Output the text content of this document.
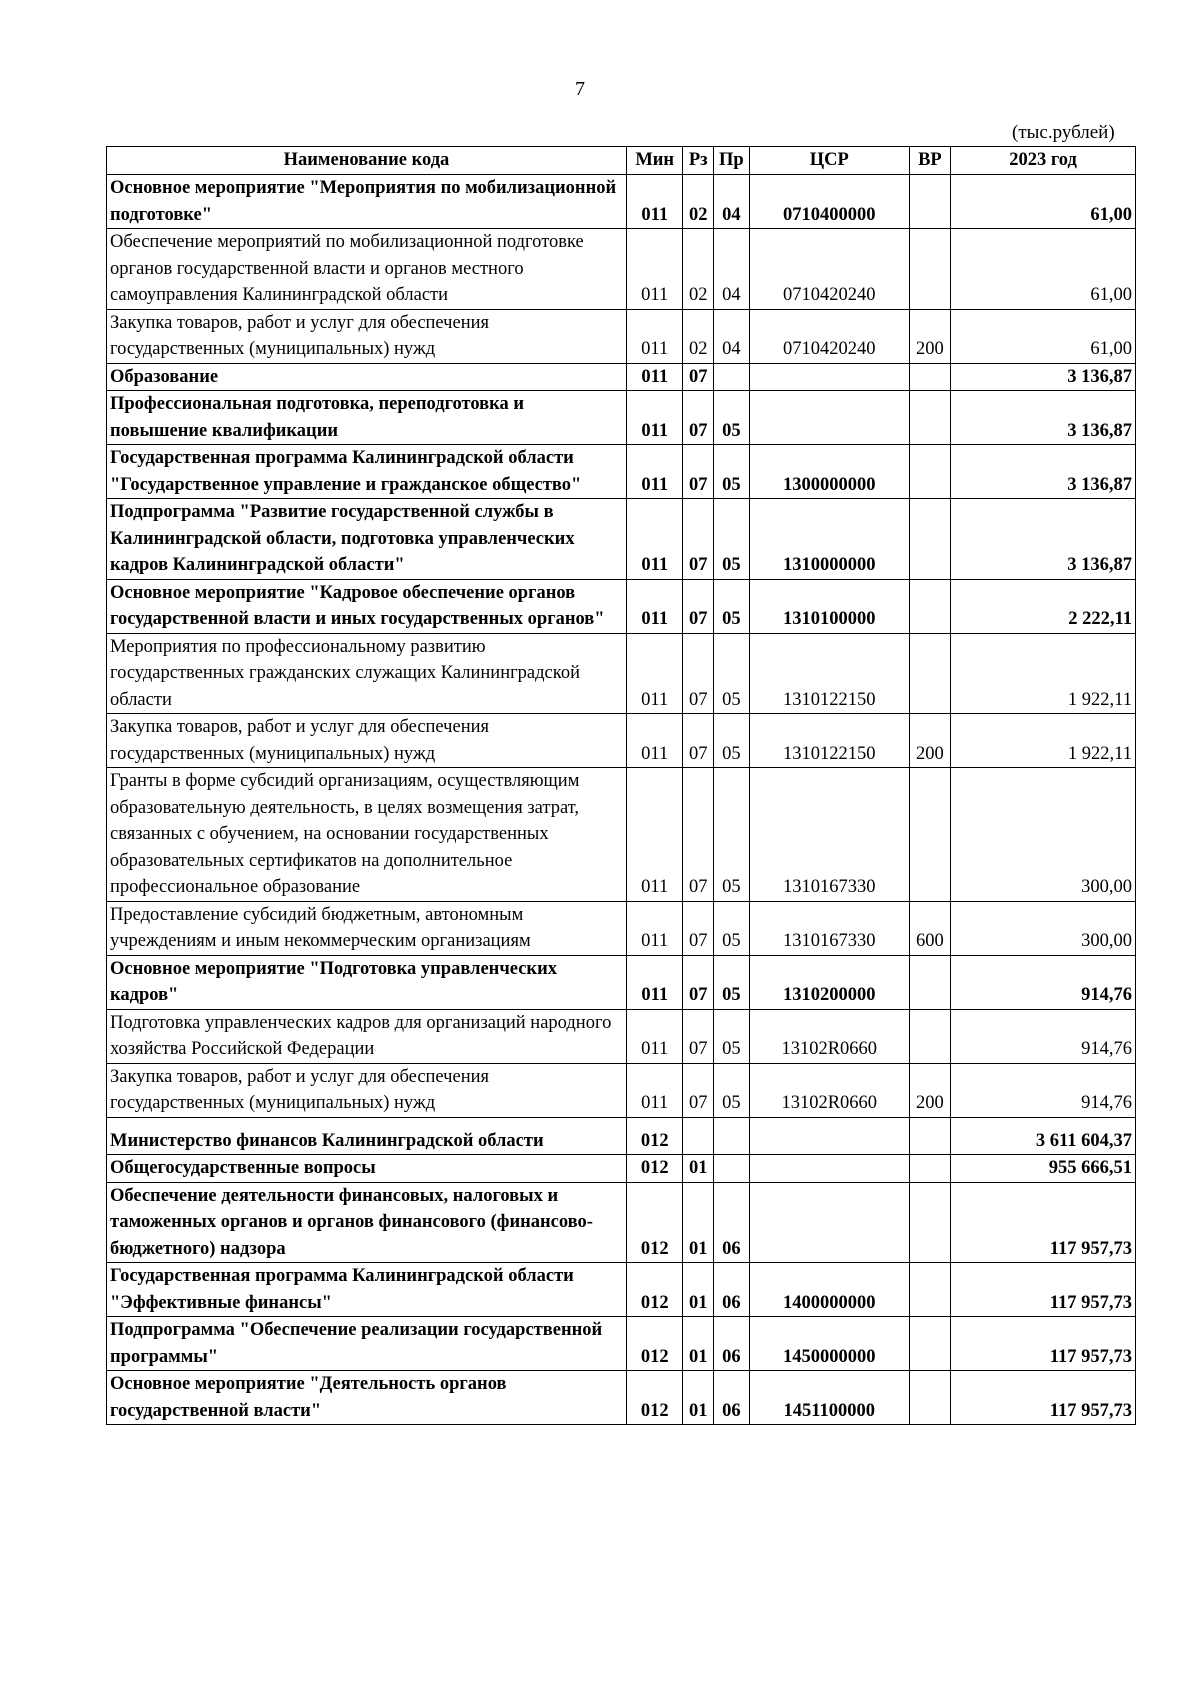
7
(тыс.рублей)
Наименование кода	Мин	Рз	Пр	ЦСР	ВР	2023 год
Основное мероприятие "Мероприятия по мобилизационной подготовке"	011	02	04	0710400000		61,00
Обеспечение мероприятий по мобилизационной подготовке органов государственной власти и органов местного самоуправления Калининградской области	011	02	04	0710420240		61,00
Закупка товаров, работ и услуг для обеспечения государственных (муниципальных) нужд	011	02	04	0710420240	200	61,00
Образование	011	07				3 136,87
Профессиональная подготовка, переподготовка и повышение квалификации	011	07	05			3 136,87
Государственная программа Калининградской области "Государственное управление и гражданское общество"	011	07	05	1300000000		3 136,87
Подпрограмма "Развитие государственной службы в Калининградской области, подготовка управленческих кадров Калининградской области"	011	07	05	1310000000		3 136,87
Основное мероприятие "Кадровое обеспечение органов государственной власти и иных государственных органов"	011	07	05	1310100000		2 222,11
Мероприятия по профессиональному развитию государственных гражданских служащих Калининградской области	011	07	05	1310122150		1 922,11
Закупка товаров, работ и услуг для обеспечения государственных (муниципальных) нужд	011	07	05	1310122150	200	1 922,11
Гранты в форме субсидий организациям, осуществляющим образовательную деятельность, в целях возмещения затрат, связанных с обучением, на основании государственных образовательных сертификатов на дополнительное профессиональное образование	011	07	05	1310167330		300,00
Предоставление субсидий бюджетным, автономным учреждениям и иным некоммерческим организациям	011	07	05	1310167330	600	300,00
Основное мероприятие "Подготовка управленческих кадров"	011	07	05	1310200000		914,76
Подготовка управленческих кадров для организаций народного хозяйства Российской Федерации	011	07	05	13102R0660		914,76
Закупка товаров, работ и услуг для обеспечения государственных (муниципальных) нужд	011	07	05	13102R0660	200	914,76
Министерство финансов Калининградской области	012					3 611 604,37
Общегосударственные вопросы	012	01				955 666,51
Обеспечение деятельности финансовых, налоговых и таможенных органов и органов финансового (финансово-бюджетного) надзора	012	01	06			117 957,73
Государственная программа Калининградской области "Эффективные финансы"	012	01	06	1400000000		117 957,73
Подпрограмма "Обеспечение реализации государственной программы"	012	01	06	1450000000		117 957,73
Основное мероприятие "Деятельность органов государственной власти"	012	01	06	1451100000		117 957,73
